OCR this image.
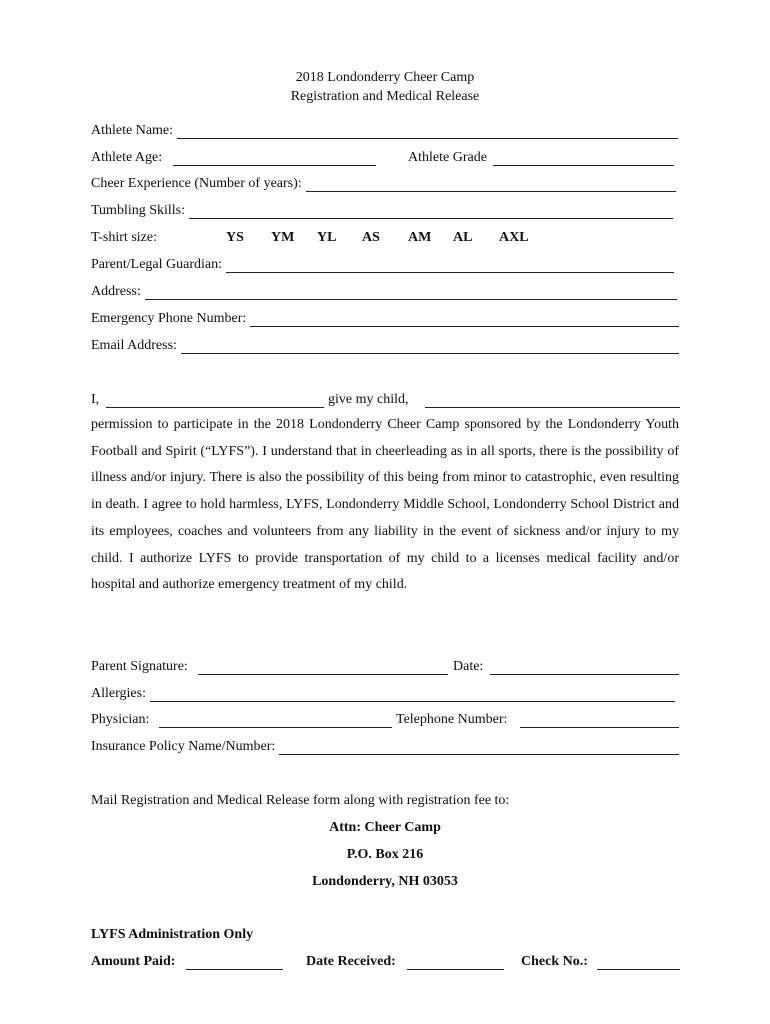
2018 Londonderry Cheer Camp
Registration and Medical Release
Athlete Name:
Athlete Age:	Athlete Grade
Cheer Experience (Number of years):
Tumbling Skills:
T-shirt size:	YS YM YL AS AM AL AXL
Parent/Legal Guardian:
Address:
Emergency Phone Number:
Email Address:
I,	give my child,
permission to participate in the 2018 Londonderry Cheer Camp sponsored by the Londonderry Youth Football and Spirit (“LYFS”). I understand that in cheerleading as in all sports, there is the possibility of illness and/or injury. There is also the possibility of this being from minor to catastrophic, even resulting in death. I agree to hold harmless, LYFS, Londonderry Middle School, Londonderry School District and its employees, coaches and volunteers from any liability in the event of sickness and/or injury to my child. I authorize LYFS to provide transportation of my child to a licenses medical facility and/or hospital and authorize emergency treatment of my child.
Parent Signature:	Date:
Allergies:
Physician:	Telephone Number:
Insurance Policy Name/Number:
Mail Registration and Medical Release form along with registration fee to:
Attn: Cheer Camp
P.O. Box 216
Londonderry, NH 03053
LYFS Administration Only
Amount Paid:	Date Received:	Check No.:
